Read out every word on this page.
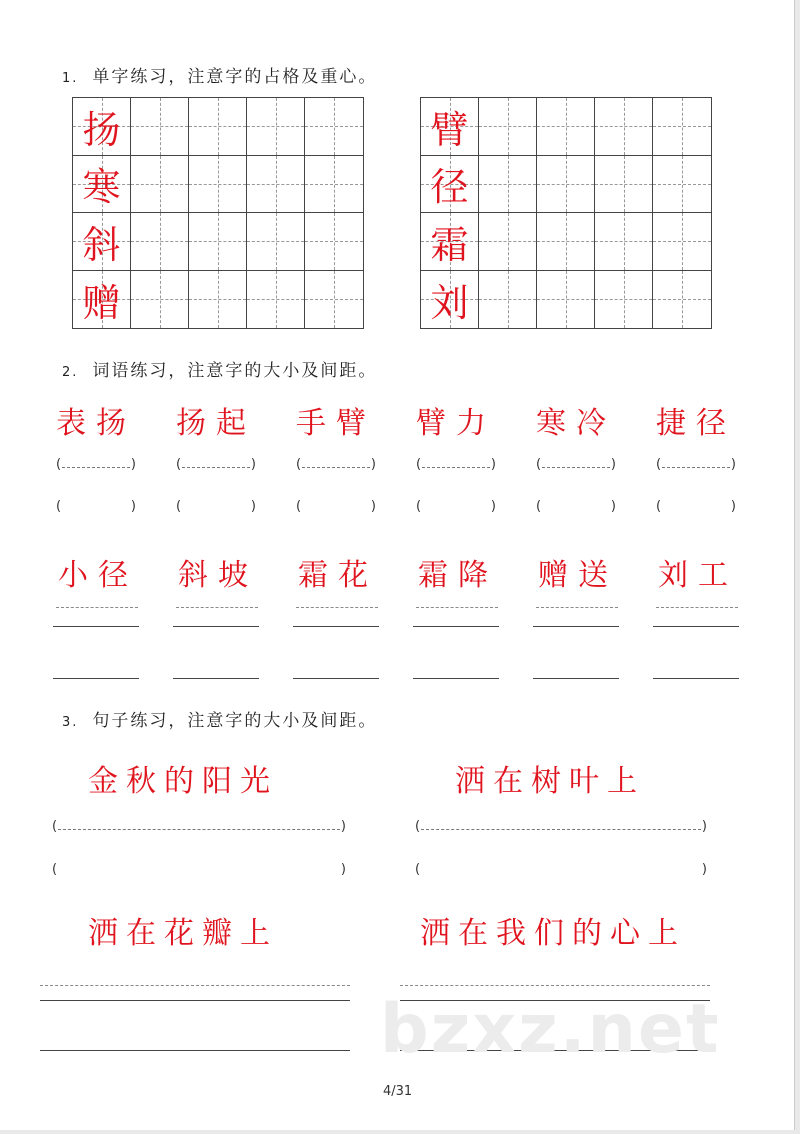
1. 单字练习，注意字的占格及重心。
扬
寒
斜
赠
臂
径
霜
刘
2. 词语练习，注意字的大小及间距。
表扬
(	)
(	)
小径
扬起
(	)
(	)
斜坡
手臂
(	)
(	)
霜花
臂力
(	)
(	)
霜降
寒冷
(	)
(	)
赠送
捷径
(	)
(	)
刘工
3. 句子练习，注意字的大小及间距。
金秋的阳光	洒在树叶上
洒在花瓣上	洒在我们的心上
(	)
(	)
(	)
(	)
bzxz.net
4/31
